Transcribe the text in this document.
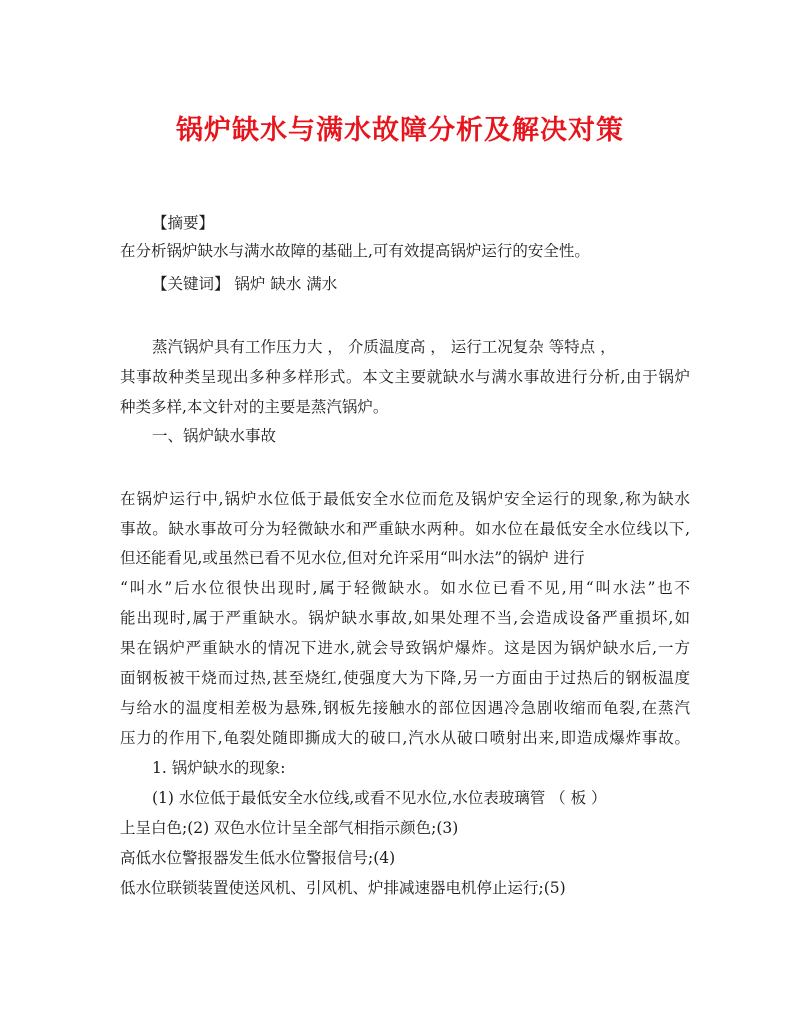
锅炉缺水与满水故障分析及解决对策
【摘要】
在分析锅炉缺水与满水故障的基础上,可有效提高锅炉运行的安全性。
【关键词】 锅炉 缺水 满水
蒸汽锅炉具有工作压力大 ， 介质温度高 ， 运行工况复杂 等特点 ，
其事故种类呈现出多种多样形式。本文主要就缺水与满水事故进行分析,由于锅炉
种类多样,本文针对的主要是蒸汽锅炉。
一、锅炉缺水事故
在锅炉运行中,锅炉水位低于最低安全水位而危及锅炉安全运行的现象,称为缺水
事故。缺水事故可分为轻微缺水和严重缺水两种。如水位在最低安全水位线以下,
但还能看见,或虽然已看不见水位,但对允许采用“叫水法”的锅炉 进行
“叫水”后水位很快出现时,属于轻微缺水。如水位已看不见,用“叫水法”也不
能出现时,属于严重缺水。锅炉缺水事故,如果处理不当,会造成设备严重损坏,如
果在锅炉严重缺水的情况下进水,就会导致锅炉爆炸。这是因为锅炉缺水后,一方
面钢板被干烧而过热,甚至烧红,使强度大为下降,另一方面由于过热后的钢板温度
与给水的温度相差极为悬殊,钢板先接触水的部位因遇冷急剧收缩而龟裂,在蒸汽
压力的作用下,龟裂处随即撕成大的破口,汽水从破口喷射出来,即造成爆炸事故。
1. 锅炉缺水的现象:
(1) 水位低于最低安全水位线,或看不见水位,水位表玻璃管 （ 板 ）
上呈白色;(2) 双色水位计呈全部气相指示颜色;(3)
高低水位警报器发生低水位警报信号;(4)
低水位联锁装置使送风机、引风机、炉排减速器电机停止运行;(5)
